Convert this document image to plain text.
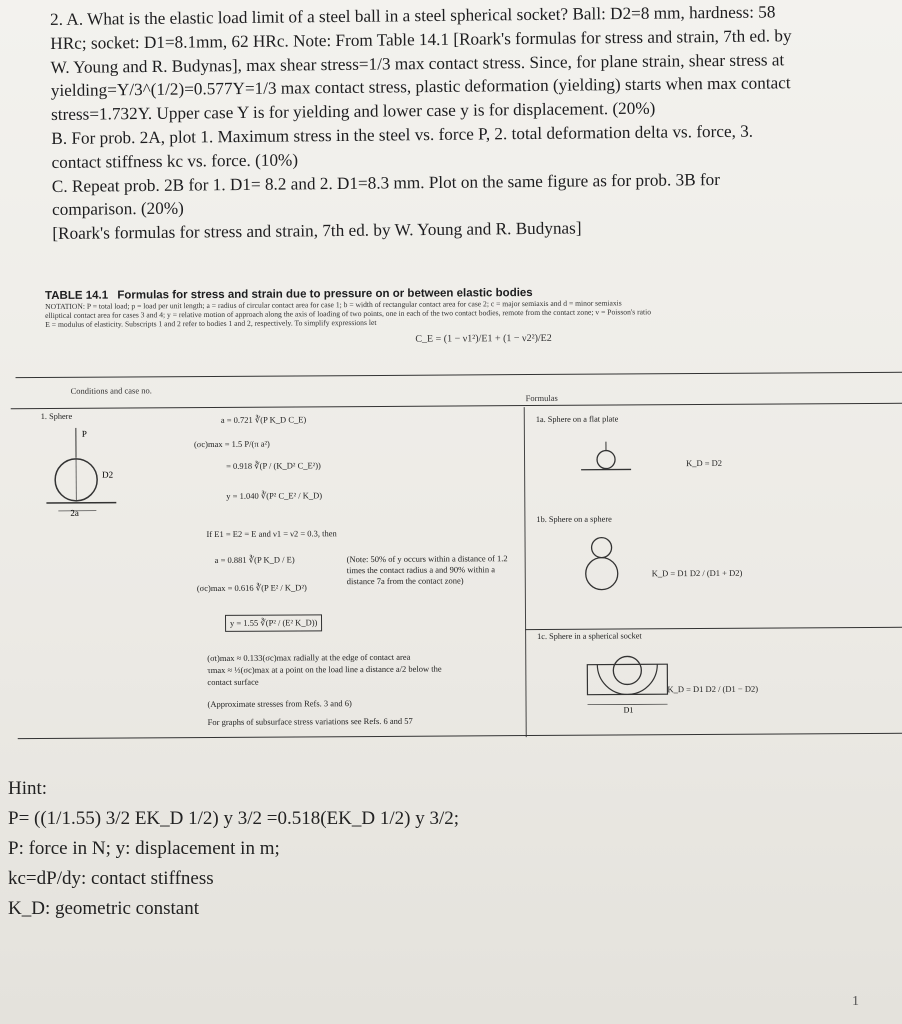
2. A. What is the elastic load limit of a steel ball in a steel spherical socket? Ball: D2=8 mm, hardness: 58

HRc; socket: D1=8.1mm, 62 HRc. Note: From Table 14.1 [Roark's formulas for stress and strain, 7th ed. by

W. Young and R. Budynas], max shear stress=1/3 max contact stress. Since, for plane strain, shear stress at

yielding=Y/3^(1/2)=0.577Y=1/3 max contact stress, plastic deformation (yielding) starts when max contact

stress=1.732Y. Upper case Y is for yielding and lower case y is for displacement. (20%)

B. For prob. 2A, plot 1. Maximum stress in the steel vs. force P, 2. total deformation delta vs. force, 3.

contact stiffness kc vs. force. (10%)

C. Repeat prob. 2B for 1. D1= 8.2 and 2. D1=8.3 mm. Plot on the same figure as for prob. 3B for

comparison. (20%)

[Roark's formulas for stress and strain, 7th ed. by W. Young and R. Budynas]

TABLE 14.1 Formulas for stress and strain due to pressure on or between elastic bodies
NOTATION: P = total load; p = load per unit length; a = radius of circular contact area for case 1; b = width of rectangular contact area for case 2; c = major semiaxis and d = minor semiaxis
elliptical contact area for cases 3 and 4; y = relative motion of approach along the axis of loading of two points, one in each of the two contact bodies, remote from the contact zone; v = Poisson's ratio
E = modulus of elasticity. Subscripts 1 and 2 refer to bodies 1 and 2, respectively. To simplify expressions let
C_E = (1 − ν1²)/E1 + (1 − ν2²)/E2
Conditions and case no.
Formulas
1. Sphere
P
D2
2a
a = 0.721 ∛(P K_D C_E)
(σc)max = 1.5 P/(π a²)
= 0.918 ∛(P / (K_D² C_E²))
y = 1.040 ∛(P² C_E² / K_D)
If E1 = E2 = E and ν1 = ν2 = 0.3, then
a = 0.881 ∛(P K_D / E)
(σc)max = 0.616 ∛(P E² / K_D²)
y = 1.55 ∛(P² / (E² K_D))
(Note: 50% of y occurs within a distance of 1.2 times the contact radius a and 90% within a distance 7a from the contact zone)
(σt)max ≈ 0.133(σc)max radially at the edge of contact area
τmax ≈ ⅓(σc)max at a point on the load line a distance a/2 below the
contact surface
(Approximate stresses from Refs. 3 and 6)
For graphs of subsurface stress variations see Refs. 6 and 57
1a. Sphere on a flat plate
K_D = D2
1b. Sphere on a sphere
K_D = D1 D2 / (D1 + D2)
1c. Sphere in a spherical socket
D1
K_D = D1 D2 / (D1 − D2)

Hint:

P= ((1/1.55) 3/2 EK_D 1/2) y 3/2 =0.518(EK_D 1/2) y 3/2;

P: force in N; y: displacement in m;

kc=dP/dy: contact stiffness

K_D: geometric constant

1
